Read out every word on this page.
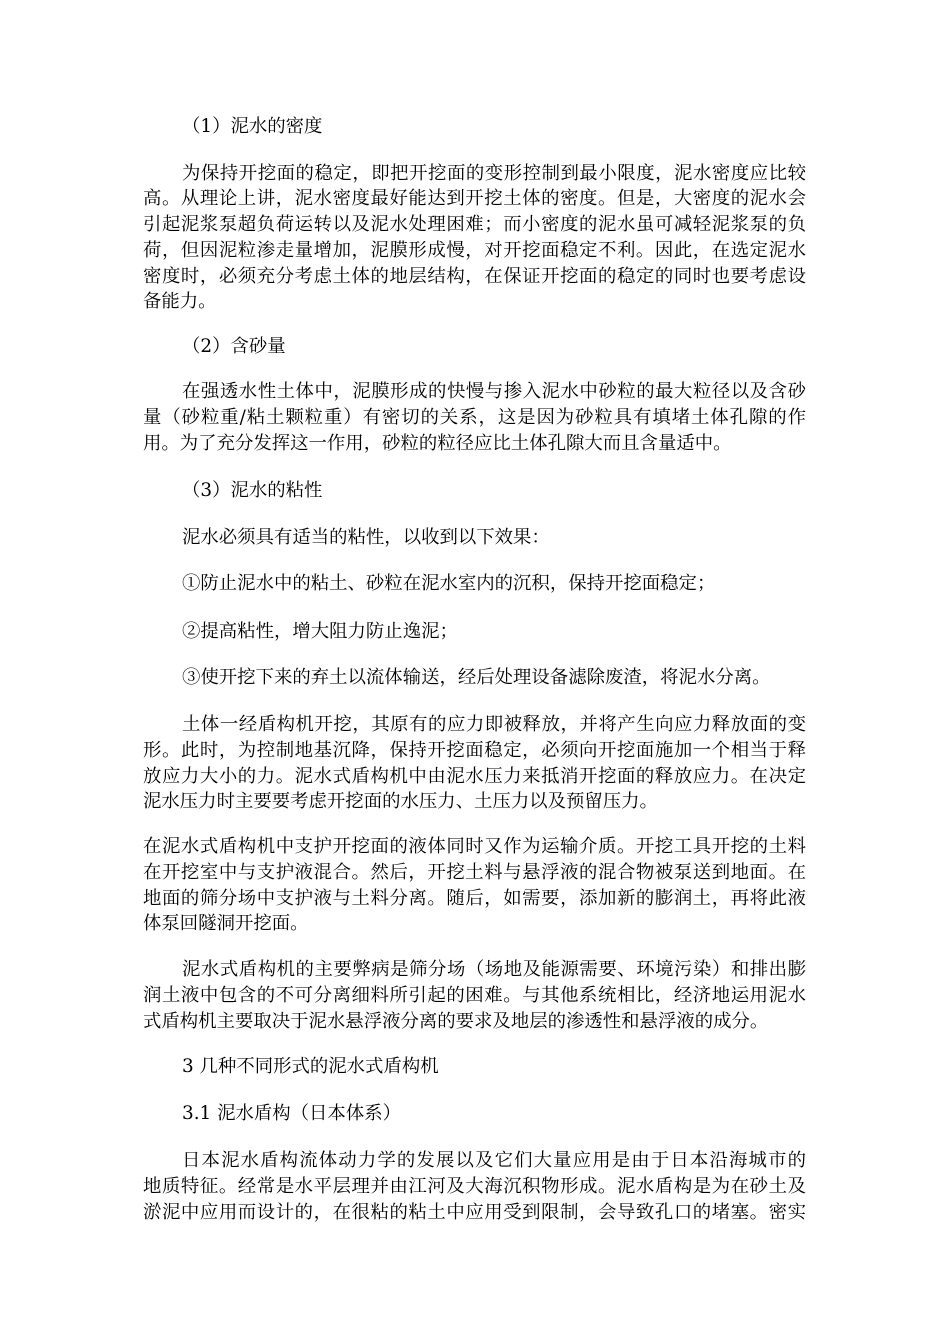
（1）泥水的密度
为保持开挖面的稳定，即把开挖面的变形控制到最小限度，泥水密度应比较
高。从理论上讲，泥水密度最好能达到开挖土体的密度。但是，大密度的泥水会
引起泥浆泵超负荷运转以及泥水处理困难；而小密度的泥水虽可减轻泥浆泵的负
荷，但因泥粒渗走量增加，泥膜形成慢，对开挖面稳定不利。因此，在选定泥水
密度时，必须充分考虑土体的地层结构，在保证开挖面的稳定的同时也要考虑设
备能力。
（2）含砂量
在强透水性土体中，泥膜形成的快慢与掺入泥水中砂粒的最大粒径以及含砂
量（砂粒重/粘土颗粒重）有密切的关系，这是因为砂粒具有填堵土体孔隙的作
用。为了充分发挥这一作用，砂粒的粒径应比土体孔隙大而且含量适中。
（3）泥水的粘性
泥水必须具有适当的粘性，以收到以下效果：
①防止泥水中的粘土、砂粒在泥水室内的沉积，保持开挖面稳定；
②提高粘性，增大阻力防止逸泥；
③使开挖下来的弃土以流体输送，经后处理设备滤除废渣，将泥水分离。
土体一经盾构机开挖，其原有的应力即被释放，并将产生向应力释放面的变
形。此时，为控制地基沉降，保持开挖面稳定，必须向开挖面施加一个相当于释
放应力大小的力。泥水式盾构机中由泥水压力来抵消开挖面的释放应力。在决定
泥水压力时主要要考虑开挖面的水压力、土压力以及预留压力。
在泥水式盾构机中支护开挖面的液体同时又作为运输介质。开挖工具开挖的土料
在开挖室中与支护液混合。然后，开挖土料与悬浮液的混合物被泵送到地面。在
地面的筛分场中支护液与土料分离。随后，如需要，添加新的膨润土，再将此液
体泵回隧洞开挖面。
泥水式盾构机的主要弊病是筛分场（场地及能源需要、环境污染）和排出膨
润土液中包含的不可分离细料所引起的困难。与其他系统相比，经济地运用泥水
式盾构机主要取决于泥水悬浮液分离的要求及地层的渗透性和悬浮液的成分。
3 几种不同形式的泥水式盾构机
3.1 泥水盾构（日本体系）
日本泥水盾构流体动力学的发展以及它们大量应用是由于日本沿海城市的
地质特征。经常是水平层理并由江河及大海沉积物形成。泥水盾构是为在砂土及
淤泥中应用而设计的，在很粘的粘土中应用受到限制，会导致孔口的堵塞。密实
